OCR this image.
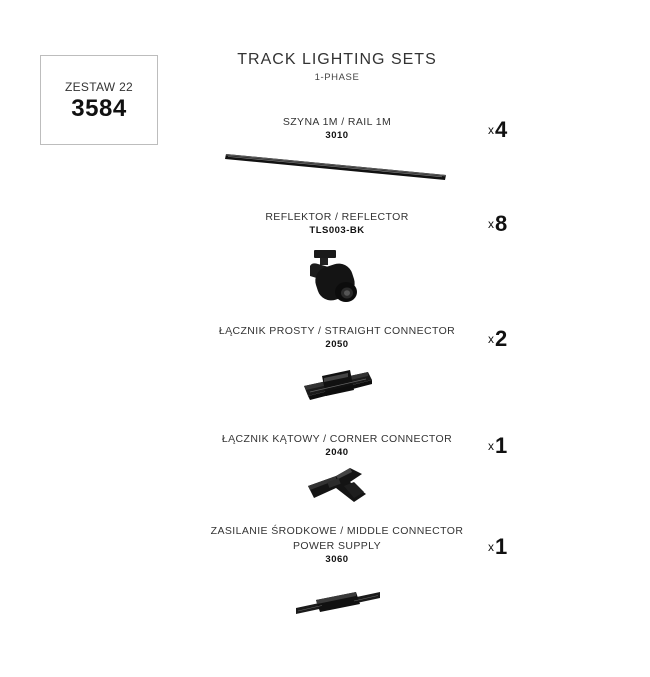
ZESTAW 22
3584
TRACK LIGHTING SETS
1-PHASE
SZYNA 1M / RAIL 1M
3010	x4
REFLEKTOR / REFLECTOR
TLS003-BK	x8
ŁĄCZNIK PROSTY / STRAIGHT CONNECTOR
2050	x2
ŁĄCZNIK KĄTOWY / CORNER CONNECTOR
2040	x1
ZASILANIE ŚRODKOWE / MIDDLE CONNECTOR
POWER SUPPLY
3060
x1
